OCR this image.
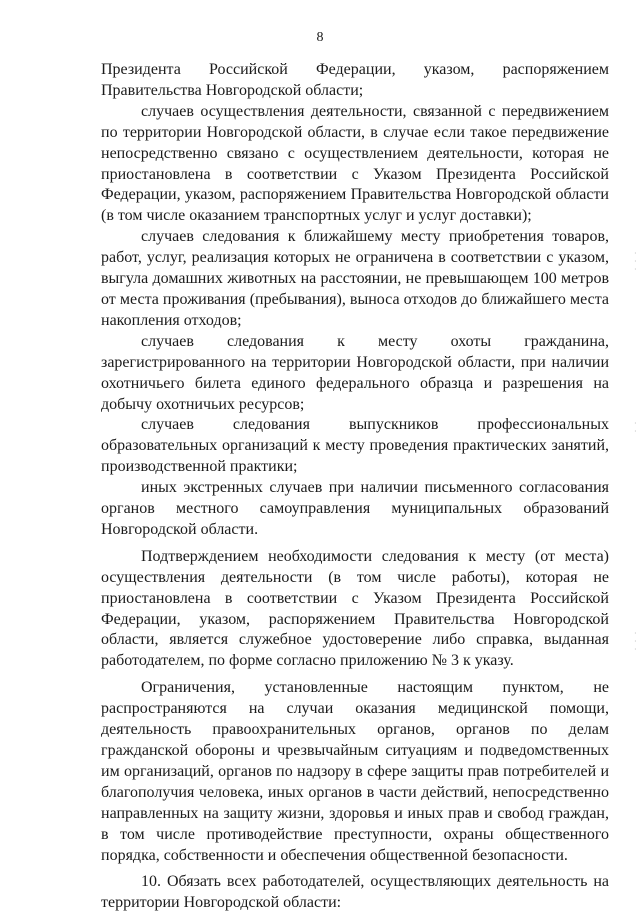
8

Президента Российской Федерации, указом, распоряжением Правительства Новгородской области;

случаев осуществления деятельности, связанной с передвижением по территории Новгородской области, в случае если такое передвижение непосредственно связано с осуществлением деятельности, которая не приостановлена в соответствии с Указом Президента Российской Федерации, указом, распоряжением Правительства Новгородской области (в том числе оказанием транспортных услуг и услуг доставки);

случаев следования к ближайшему месту приобретения товаров, работ, услуг, реализация которых не ограничена в соответствии с указом, выгула домашних животных на расстоянии, не превышающем 100 метров от места проживания (пребывания), выноса отходов до ближайшего места накопления отходов;

случаев следования к месту охоты гражданина, зарегистрированного на территории Новгородской области, при наличии охотничьего билета единого федерального образца и разрешения на добычу охотничьих ресурсов;

случаев следования выпускников профессиональных образовательных организаций к месту проведения практических занятий, производственной практики;

иных экстренных случаев при наличии письменного согласования органов местного самоуправления муниципальных образований Новгородской области.

Подтверждением необходимости следования к месту (от места) осуществления деятельности (в том числе работы), которая не приостановлена в соответствии с Указом Президента Российской Федерации, указом, распоряжением Правительства Новгородской области, является служебное удостоверение либо справка, выданная работодателем, по форме согласно приложению № 3 к указу.

Ограничения, установленные настоящим пунктом, не распространяются на случаи оказания медицинской помощи, деятельность правоохранительных органов, органов по делам гражданской обороны и чрезвычайным ситуациям и подведомственных им организаций, органов по надзору в сфере защиты прав потребителей и благополучия человека, иных органов в части действий, непосредственно направленных на защиту жизни, здоровья и иных прав и свобод граждан, в том числе противодействие преступности, охраны общественного порядка, собственности и обеспечения общественной безопасности.

10. Обязать всех работодателей, осуществляющих деятельность на территории Новгородской области:

·
·
·
·
·
·
·
·
